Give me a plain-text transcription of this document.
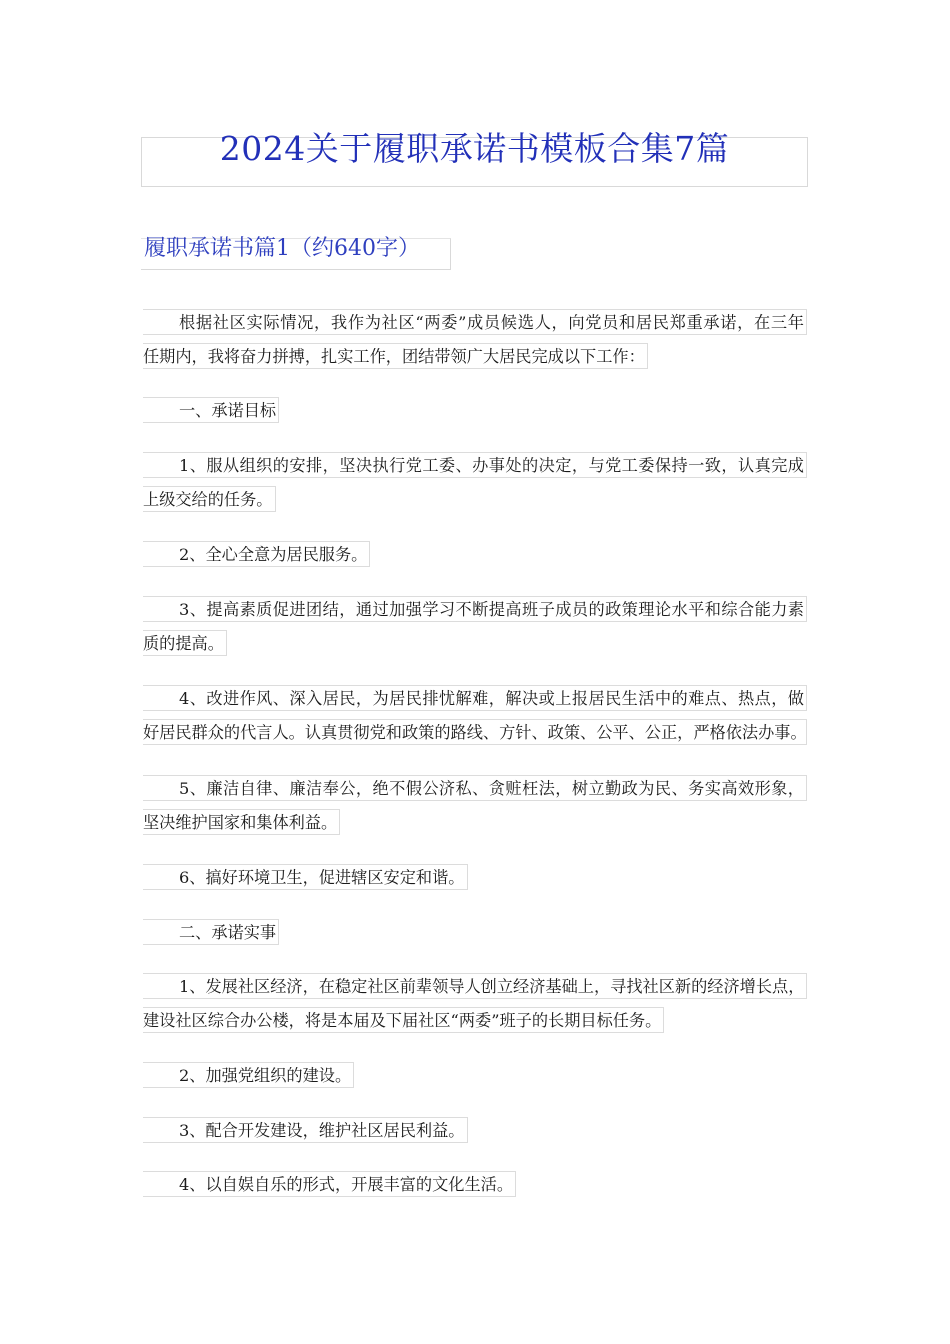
2024关于履职承诺书模板合集7篇
履职承诺书篇1（约640字）
根据社区实际情况，我作为社区“两委”成员候选人，向党员和居民郑重承诺，在三年
任期内，我将奋力拼搏，扎实工作，团结带领广大居民完成以下工作：
一、承诺目标
1、服从组织的安排，坚决执行党工委、办事处的决定，与党工委保持一致，认真完成
上级交给的任务。
2、全心全意为居民服务。
3、提高素质促进团结，通过加强学习不断提高班子成员的政策理论水平和综合能力素
质的提高。
4、改进作风、深入居民，为居民排忧解难，解决或上报居民生活中的难点、热点，做
好居民群众的代言人。认真贯彻党和政策的路线、方针、政策、公平、公正，严格依法办事。
5、廉洁自律、廉洁奉公，绝不假公济私、贪赃枉法，树立勤政为民、务实高效形象，
坚决维护国家和集体利益。
6、搞好环境卫生，促进辖区安定和谐。
二、承诺实事
1、发展社区经济，在稳定社区前辈领导人创立经济基础上，寻找社区新的经济增长点，
建设社区综合办公楼，将是本届及下届社区“两委”班子的长期目标任务。
2、加强党组织的建设。
3、配合开发建设，维护社区居民利益。
4、以自娱自乐的形式，开展丰富的文化生活。
